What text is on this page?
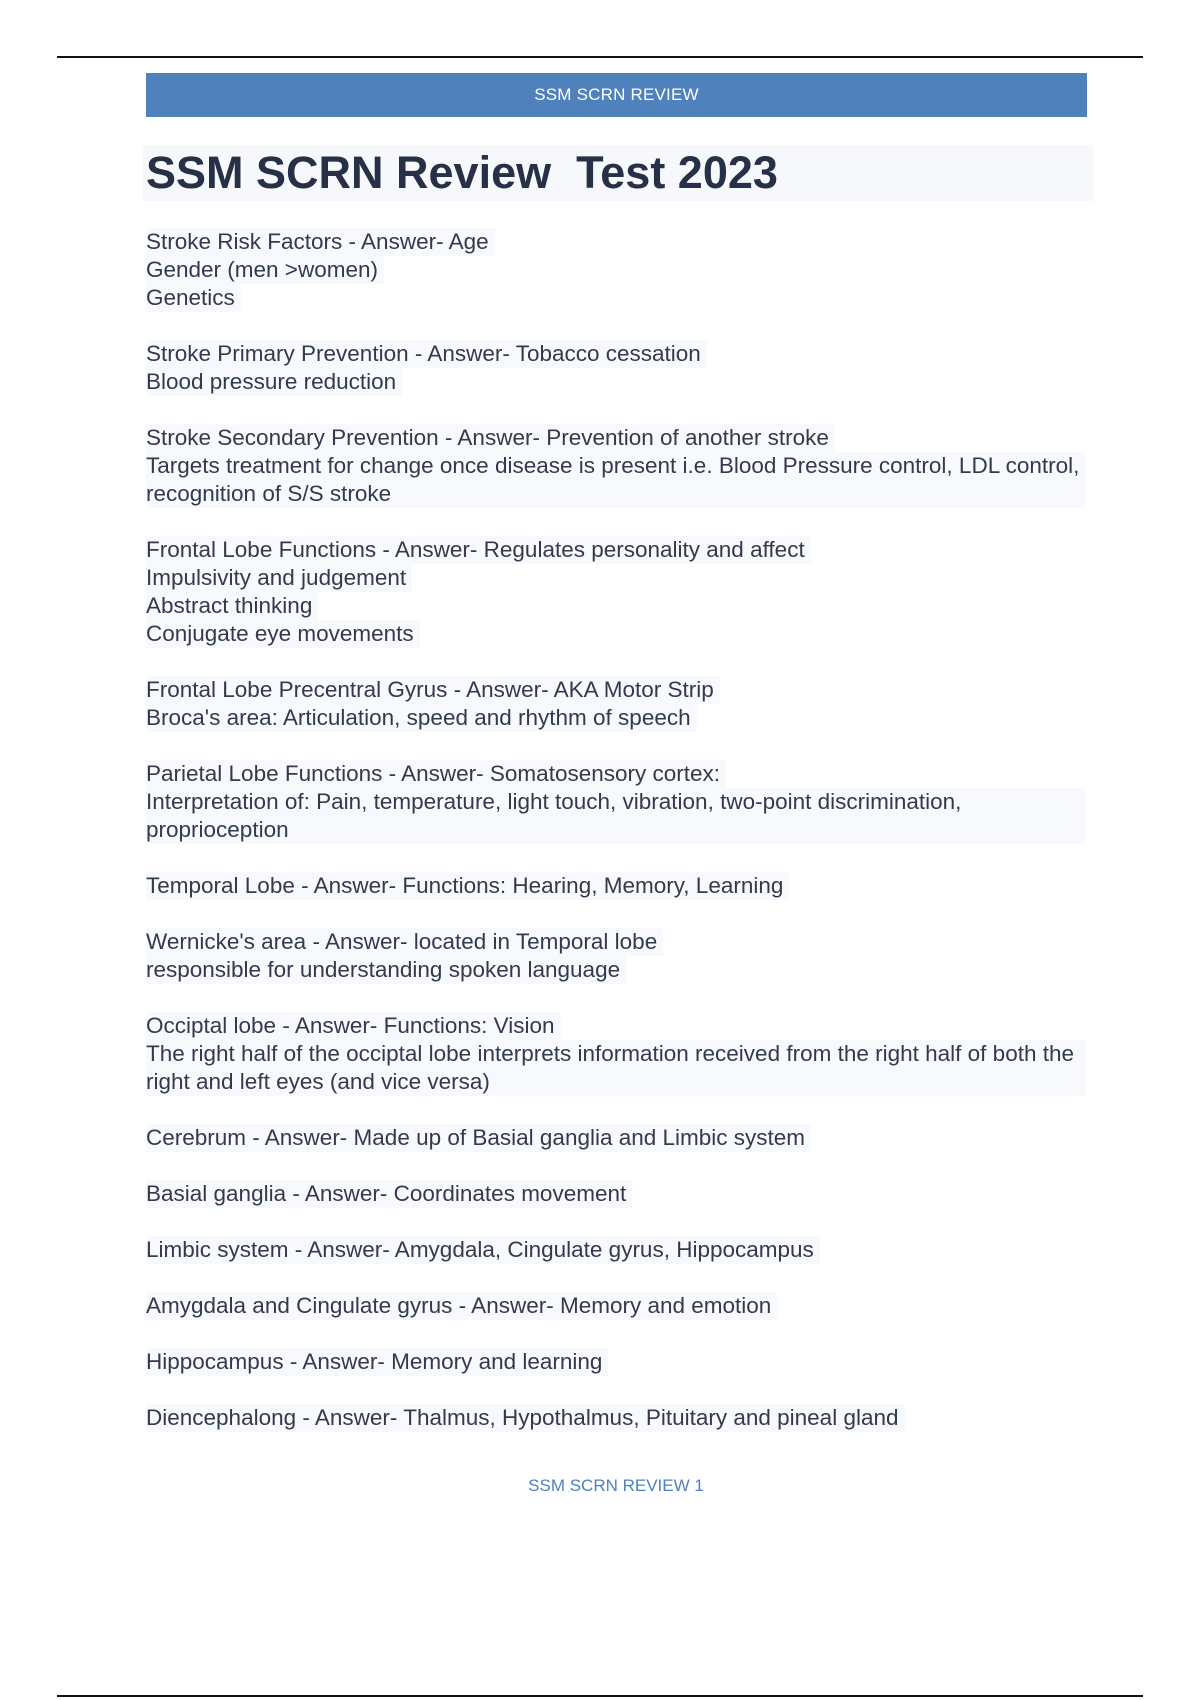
SSM SCRN REVIEW
SSM SCRN Review  Test 2023
Stroke Risk Factors - Answer- Age
Gender (men >women)
Genetics
Stroke Primary Prevention - Answer- Tobacco cessation
Blood pressure reduction
Stroke Secondary Prevention - Answer- Prevention of another stroke
Targets treatment for change once disease is present i.e. Blood Pressure control, LDL control, recognition of S/S stroke
Frontal Lobe Functions - Answer- Regulates personality and affect
Impulsivity and judgement
Abstract thinking
Conjugate eye movements
Frontal Lobe Precentral Gyrus - Answer- AKA Motor Strip
Broca's area: Articulation, speed and rhythm of speech
Parietal Lobe Functions - Answer- Somatosensory cortex:
Interpretation of: Pain, temperature, light touch, vibration, two-point discrimination, proprioception
Temporal Lobe - Answer- Functions: Hearing, Memory, Learning
Wernicke's area - Answer- located in Temporal lobe
responsible for understanding spoken language
Occiptal lobe - Answer- Functions: Vision
The right half of the occiptal lobe interprets information received from the right half of both the right and left eyes (and vice versa)
Cerebrum - Answer- Made up of Basial ganglia and Limbic system
Basial ganglia - Answer- Coordinates movement
Limbic system - Answer- Amygdala, Cingulate gyrus, Hippocampus
Amygdala and Cingulate gyrus - Answer- Memory and emotion
Hippocampus - Answer- Memory and learning
Diencephalong - Answer- Thalmus, Hypothalmus, Pituitary and pineal gland
SSM SCRN REVIEW 1
